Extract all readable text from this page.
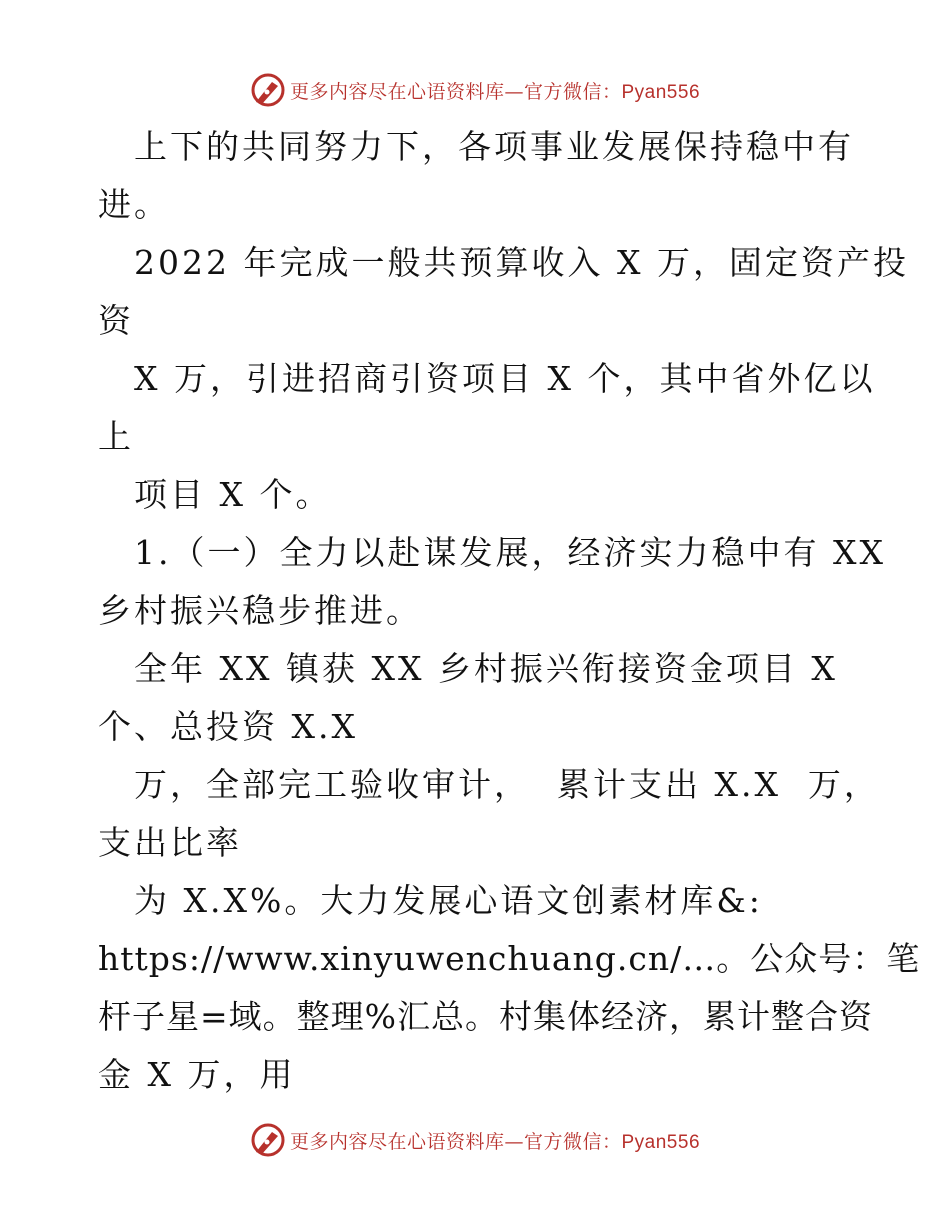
更多内容尽在心语资料库—官方微信：Pyan556
上下的共同努力下，各项事业发展保持稳中有
进。
2022 年完成一般共预算收入 X 万，固定资产投
资
X 万，引进招商引资项目 X 个，其中省外亿以
上
项目 X 个。
1.（一）全力以赴谋发展，经济实力稳中有 XX
乡村振兴稳步推进。
全年 XX 镇获 XX 乡村振兴衔接资金项目 X
个、总投资 X.X
万，全部完工验收审计，  累计支出 X.X  万，
支出比率
为 X.X%。大力发展心语文创素材库&:
https://www.xinyuwenchuang.cn/…。公众号：笔
杆子星=域。整理%汇总。村集体经济，累计整合资
金 X 万，用
更多内容尽在心语资料库—官方微信：Pyan556
